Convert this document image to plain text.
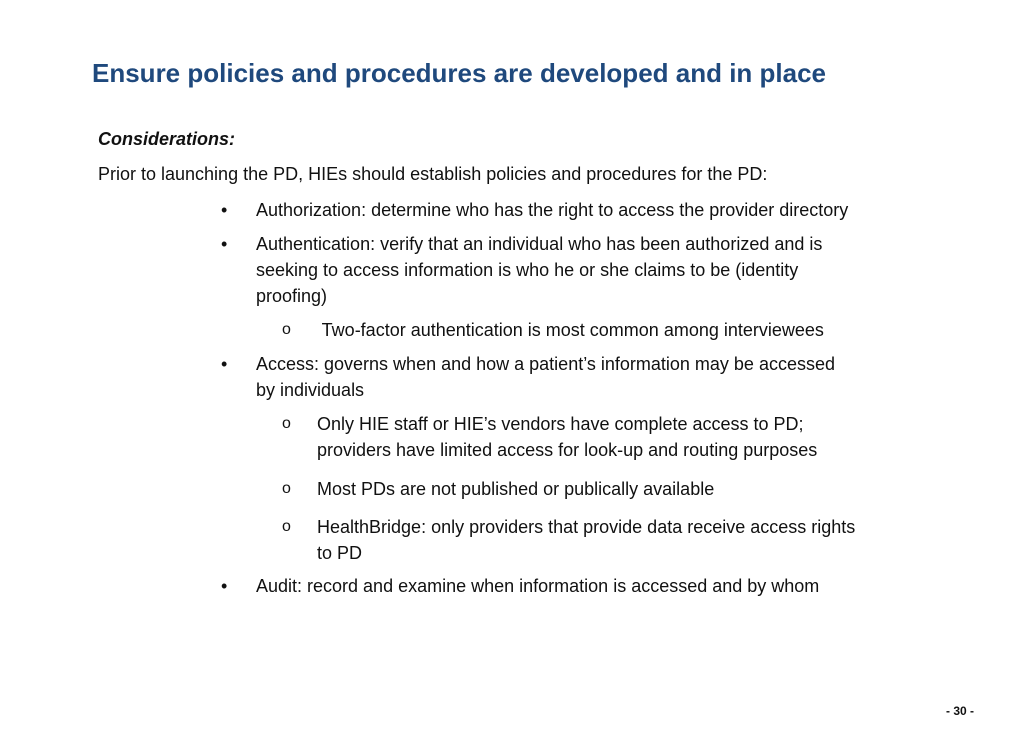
Ensure policies and procedures are developed and in place
Considerations:
Prior to launching the PD, HIEs should establish policies and procedures for the PD:
• Authorization: determine who has the right to access the provider directory
• Authentication: verify that an individual who has been authorized and is
seeking to access information is who he or she claims to be (identity
proofing)
o Two-factor authentication is most common among interviewees
• Access: governs when and how a patient’s information may be accessed
by individuals
o Only HIE staff or HIE’s vendors have complete access to PD;
providers have limited access for look-up and routing purposes
o Most PDs are not published or publically available
o HealthBridge: only providers that provide data receive access rights
to PD
• Audit: record and examine when information is accessed and by whom
- 30 -
